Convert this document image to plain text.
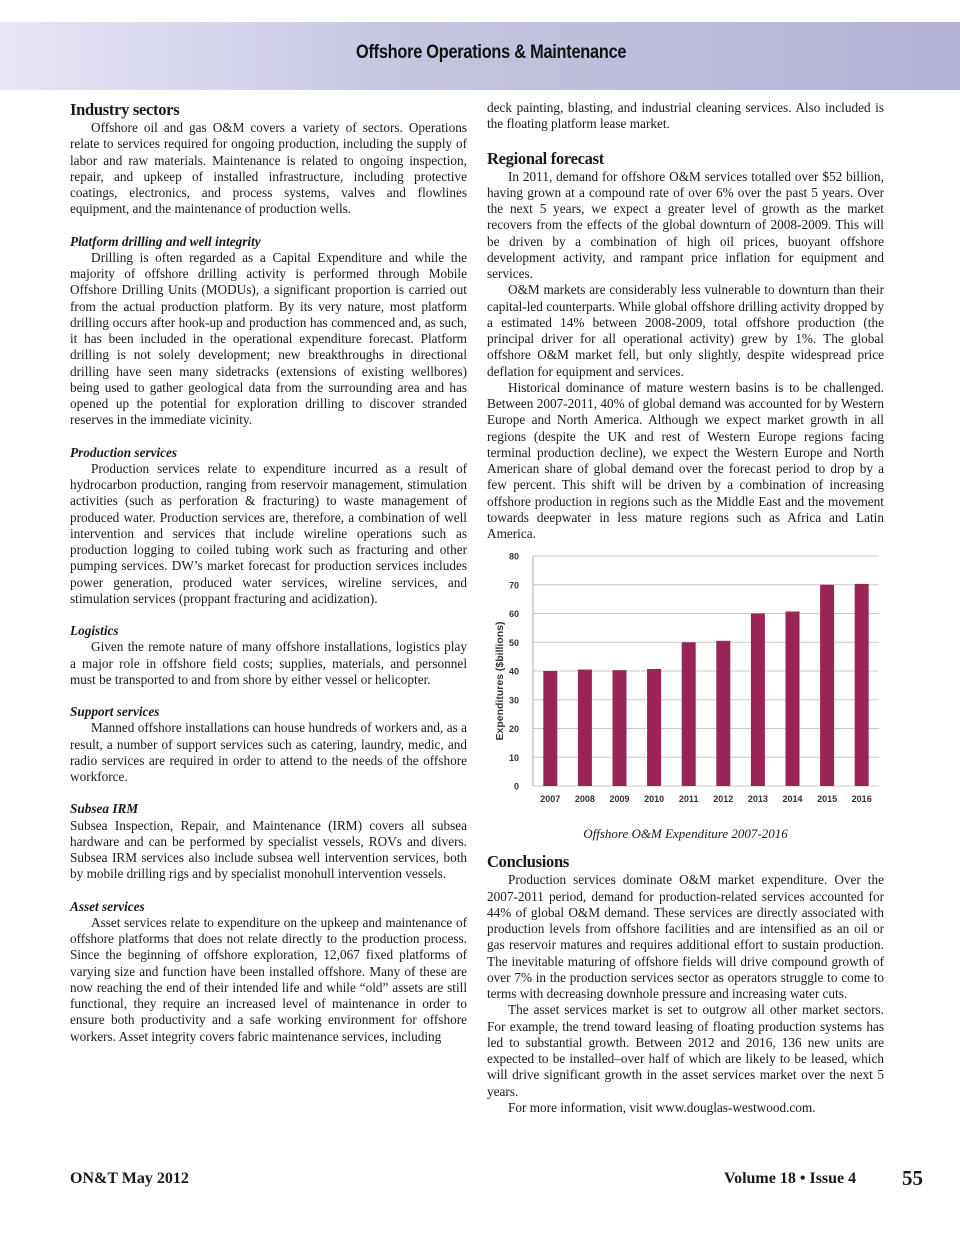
Offshore Operations & Maintenance
Industry sectors

Offshore oil and gas O&M covers a variety of sectors. Operations relate to services required for ongoing production, including the supply of labor and raw materials. Maintenance is related to ongoing inspection, repair, and upkeep of installed infrastructure, including protective coatings, electronics, and process systems, valves and flowlines equipment, and the maintenance of production wells.

Platform drilling and well integrity

Drilling is often regarded as a Capital Expenditure and while the majority of offshore drilling activity is performed through Mobile Offshore Drilling Units (MODUs), a significant proportion is carried out from the actual production platform. By its very nature, most platform drilling occurs after hook-up and production has commenced and, as such, it has been included in the operational expenditure forecast. Platform drilling is not solely development; new breakthroughs in directional drilling have seen many sidetracks (extensions of existing wellbores) being used to gather geological data from the surrounding area and has opened up the potential for exploration drilling to discover stranded reserves in the immediate vicinity.

Production services

Production services relate to expenditure incurred as a result of hydrocarbon production, ranging from reservoir management, stimulation activities (such as perforation & fracturing) to waste management of produced water. Production services are, therefore, a combination of well intervention and services that include wireline operations such as production logging to coiled tubing work such as fracturing and other pumping services. DW’s market forecast for production services includes power generation, produced water services, wireline services, and stimulation services (proppant fracturing and acidization).

Logistics

Given the remote nature of many offshore installations, logistics play a major role in offshore field costs; supplies, materials, and personnel must be transported to and from shore by either vessel or helicopter.

Support services

Manned offshore installations can house hundreds of workers and, as a result, a number of support services such as catering, laundry, medic, and radio services are required in order to attend to the needs of the offshore workforce.

Subsea IRM

Subsea Inspection, Repair, and Maintenance (IRM) covers all subsea hardware and can be performed by specialist vessels, ROVs and divers. Subsea IRM services also include subsea well intervention services, both by mobile drilling rigs and by specialist monohull intervention vessels.

Asset services

Asset services relate to expenditure on the upkeep and maintenance of offshore platforms that does not relate directly to the production process. Since the beginning of offshore exploration, 12,067 fixed platforms of varying size and function have been installed offshore. Many of these are now reaching the end of their intended life and while “old” assets are still functional, they require an increased level of maintenance in order to ensure both productivity and a safe working environment for offshore workers. Asset integrity covers fabric maintenance services, including

deck painting, blasting, and industrial cleaning services. Also included is the floating platform lease market.

Regional forecast

In 2011, demand for offshore O&M services totalled over $52 billion, having grown at a compound rate of over 6% over the past 5 years. Over the next 5 years, we expect a greater level of growth as the market recovers from the effects of the global downturn of 2008-2009. This will be driven by a combination of high oil prices, buoyant offshore development activity, and rampant price inflation for equipment and services.

O&M markets are considerably less vulnerable to downturn than their capital-led counterparts. While global offshore drilling activity dropped by a estimated 14% between 2008-2009, total offshore production (the principal driver for all operational activity) grew by 1%. The global offshore O&M market fell, but only slightly, despite widespread price deflation for equipment and services.

Historical dominance of mature western basins is to be challenged. Between 2007-2011, 40% of global demand was accounted for by Western Europe and North America. Although we expect market growth in all regions (despite the UK and rest of Western Europe regions facing terminal production decline), we expect the Western Europe and North American share of global demand over the forecast period to drop by a few percent. This shift will be driven by a combination of increasing offshore production in regions such as the Middle East and the movement towards deepwater in less mature regions such as Africa and Latin America.

0
10
20
30
40
50
60
70
80
2007 2008 2009 2010 2011 2012 2013 2014 2015 2016
Expenditures ($billions)
Offshore O&M Expenditure 2007-2016
Conclusions

Production services dominate O&M market expenditure. Over the 2007-2011 period, demand for production-related services accounted for 44% of global O&M demand. These services are directly associated with production levels from offshore facilities and are intensified as an oil or gas reservoir matures and requires additional effort to sustain production. The inevitable maturing of offshore fields will drive compound growth of over 7% in the production services sector as operators struggle to come to terms with decreasing downhole pressure and increasing water cuts.

The asset services market is set to outgrow all other market sectors. For example, the trend toward leasing of floating production systems has led to substantial growth. Between 2012 and 2016, 136 new units are expected to be installed–over half of which are likely to be leased, which will drive significant growth in the asset services market over the next 5 years.

For more information, visit www.douglas-westwood.com.

ON&T May 2012	Volume 18 • Issue 4 55
